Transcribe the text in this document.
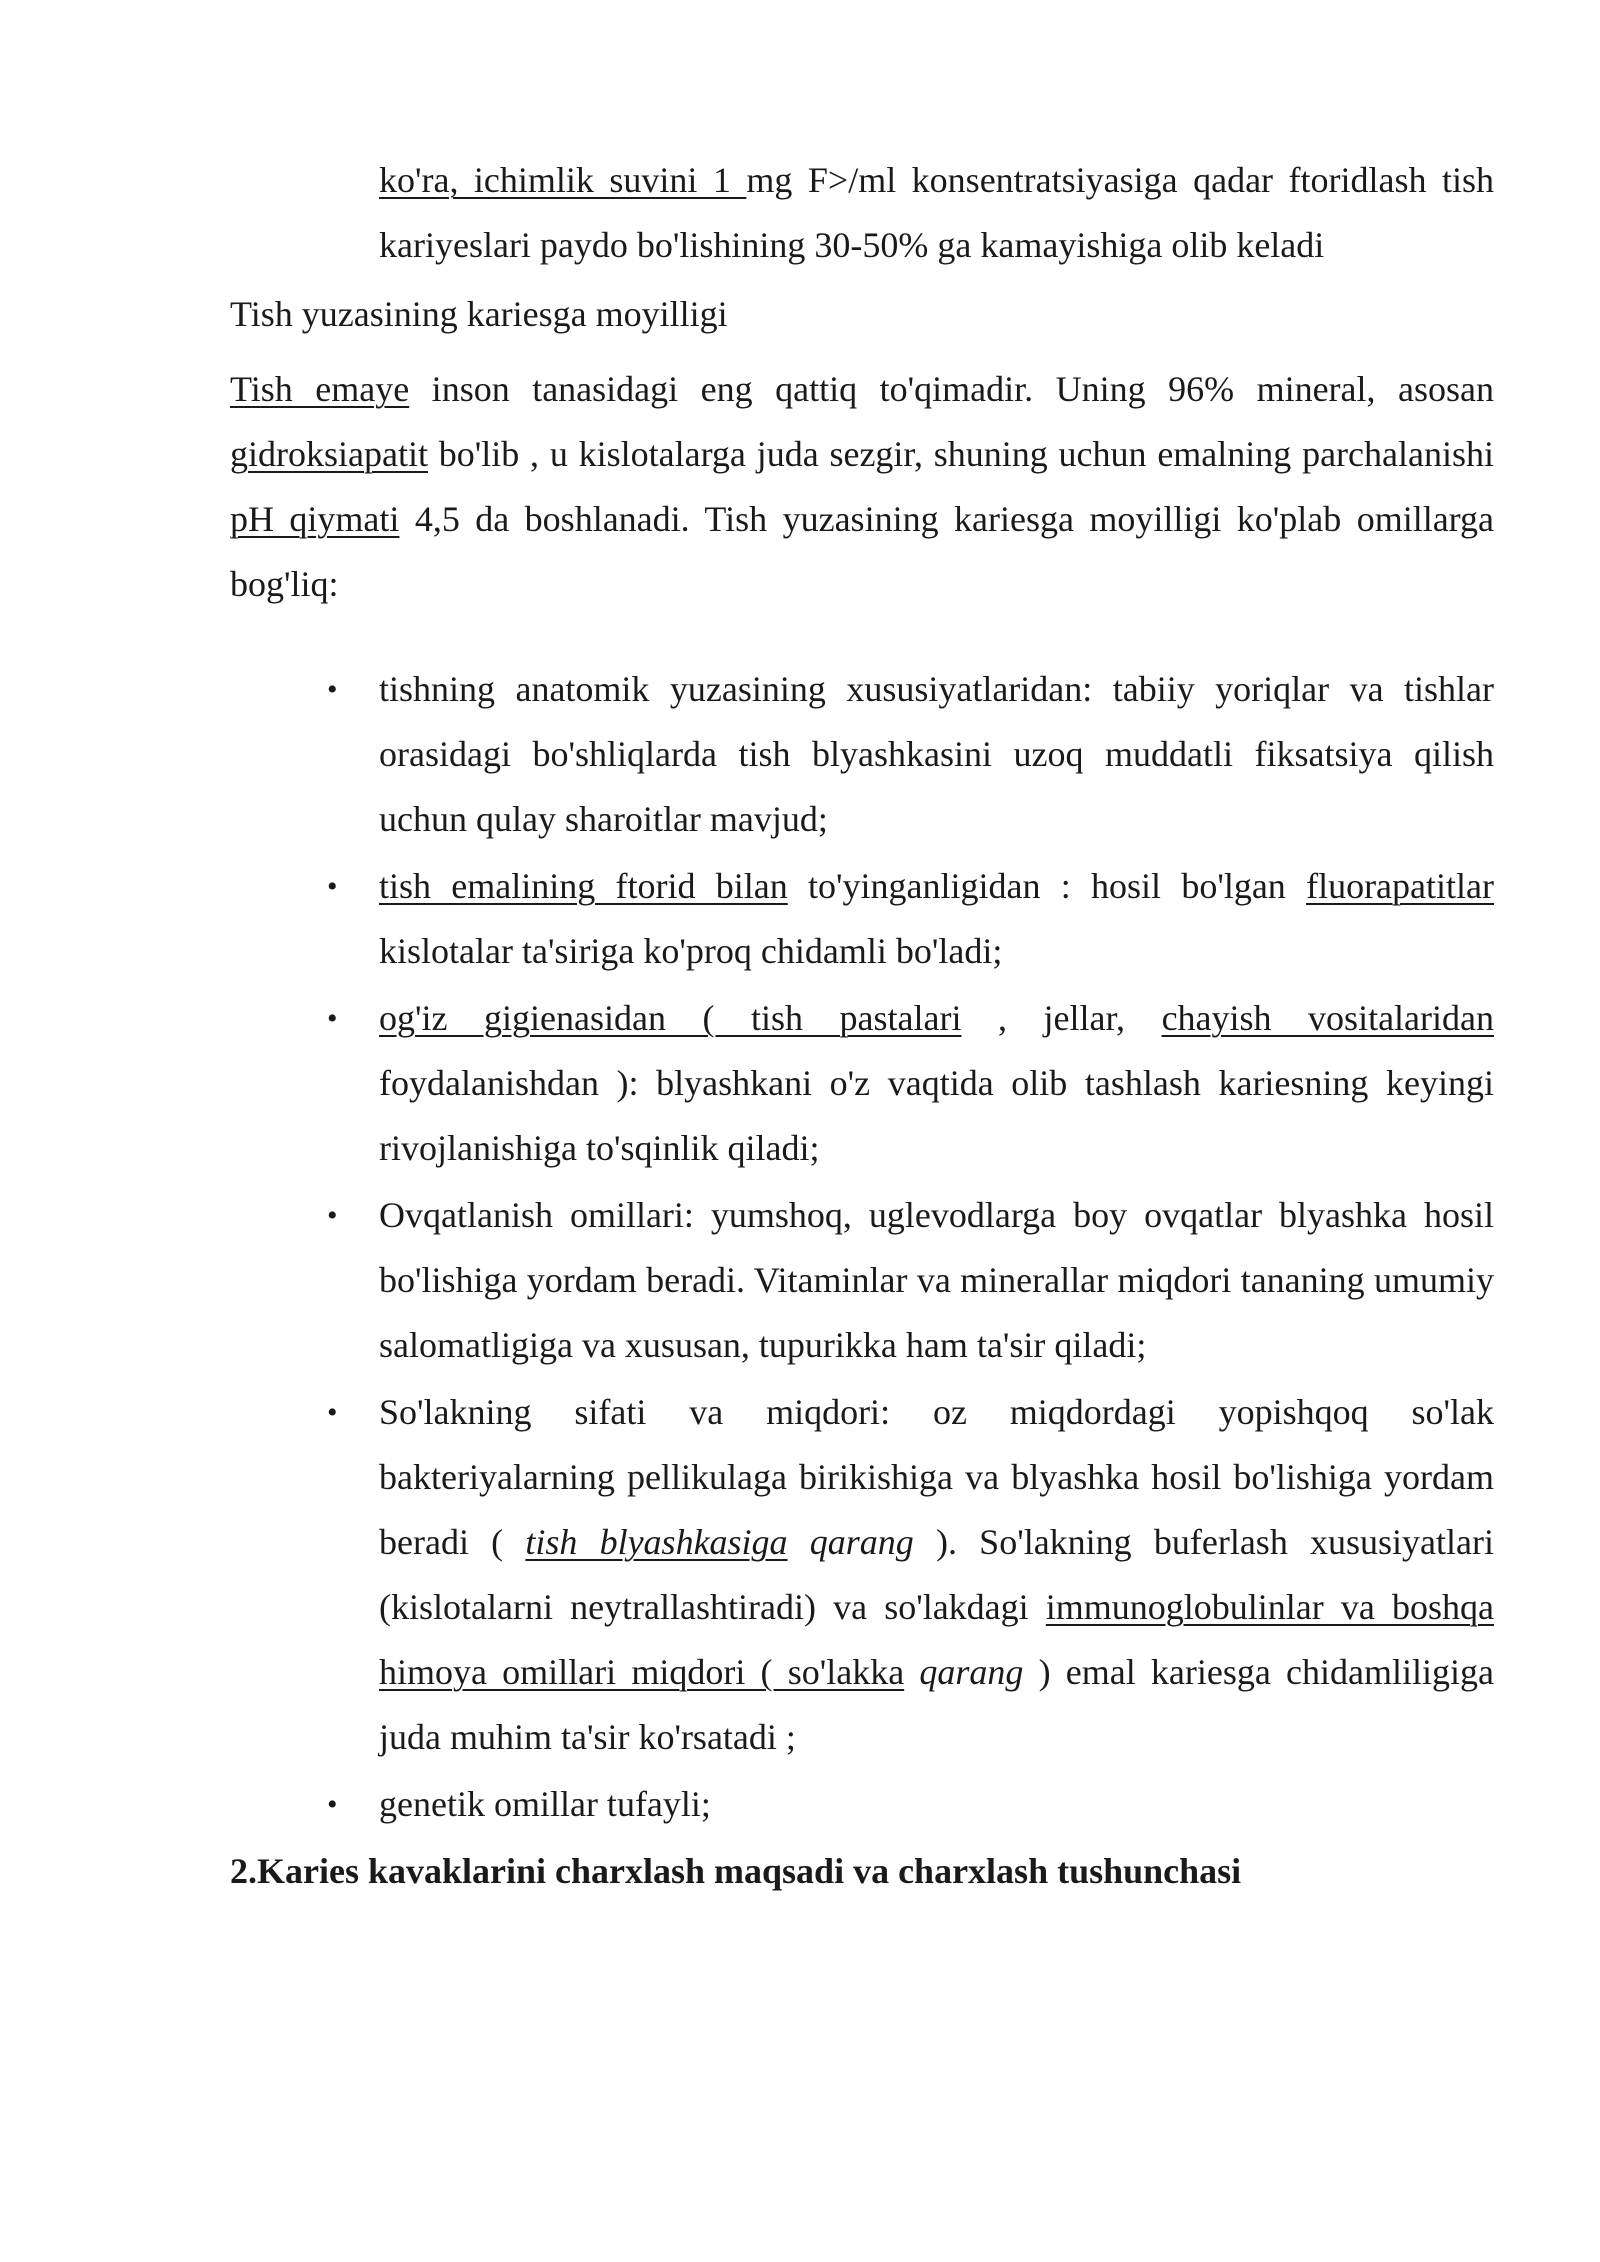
ko'ra, ichimlik suvini 1 mg F>/ml konsentratsiyasiga qadar ftoridlash tish kariyeslari paydo bo'lishining 30-50% ga kamayishiga olib keladi

Tish yuzasining kariesga moyilligi

Tish emaye inson tanasidagi eng qattiq to'qimadir. Uning 96% mineral, asosan gidroksiapatit bo'lib , u kislotalarga juda sezgir, shuning uchun emalning parchalanishi pH qiymati 4,5 da boshlanadi. Tish yuzasining kariesga moyilligi ko'plab omillarga bog'liq:

• tishning anatomik yuzasining xususiyatlaridan: tabiiy yoriqlar va tishlar orasidagi bo'shliqlarda tish blyashkasini uzoq muddatli fiksatsiya qilish uchun qulay sharoitlar mavjud;
• tish emalining ftorid bilan to'yinganligidan : hosil bo'lgan fluorapatitlar kislotalar ta'siriga ko'proq chidamli bo'ladi;
• og'iz gigienasidan ( tish pastalari , jellar, chayish vositalaridan foydalanishdan ): blyashkani o'z vaqtida olib tashlash kariesning keyingi rivojlanishiga to'sqinlik qiladi;
• Ovqatlanish omillari: yumshoq, uglevodlarga boy ovqatlar blyashka hosil bo'lishiga yordam beradi. Vitaminlar va minerallar miqdori tananing umumiy salomatligiga va xususan, tupurikka ham ta'sir qiladi;
• So'lakning sifati va miqdori: oz miqdordagi yopishqoq so'lak bakteriyalarning pellikulaga birikishiga va blyashka hosil bo'lishiga yordam beradi ( tish blyashkasiga qarang ). So'lakning buferlash xususiyatlari (kislotalarni neytrallashtiradi) va so'lakdagi immunoglobulinlar va boshqa himoya omillari miqdori ( so'lakka qarang ) emal kariesga chidamliligiga juda muhim ta'sir ko'rsatadi ;
• genetik omillar tufayli;

2.Karies kavaklarini charxlash maqsadi va charxlash tushunchasi
